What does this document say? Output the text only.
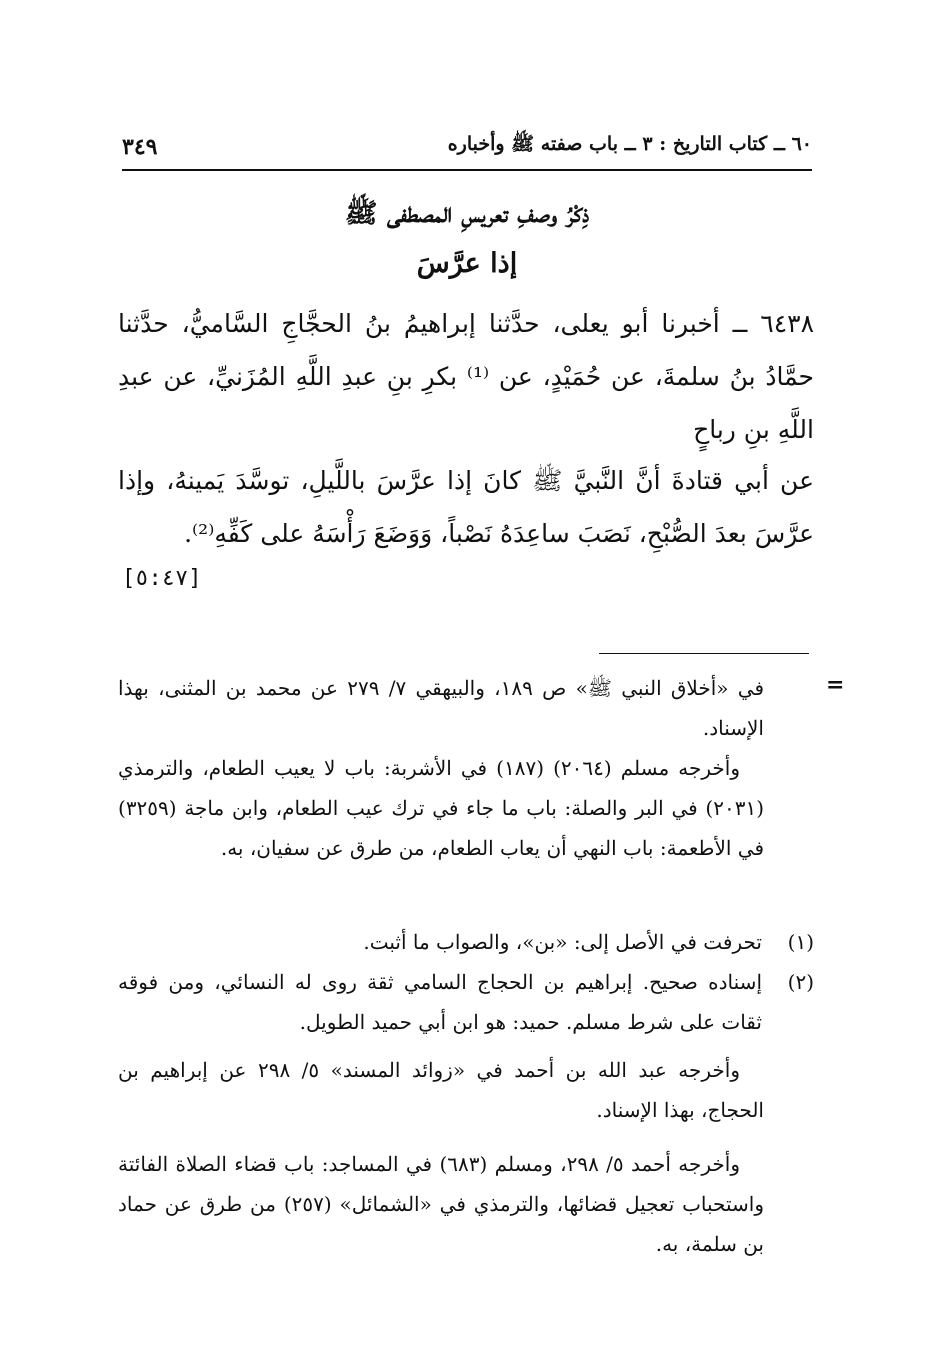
٦٠ ــ كتاب التاريخ : ٣ ــ باب صفته ﷺ وأخباره
٣٤٩
ذِكْرُ وصفِ تعريسِ المصطفى ﷺ
إذا عرَّسَ

٦٤٣٨ ــ أخبرنا أبو يعلى، حدَّثنا إبراهيمُ بنُ الحجَّاجِ السَّاميُّ، حدَّثنا حمَّادُ بنُ سلمةَ، عن حُمَيْدٍ، عن ⁽¹⁾ بكرِ بنِ عبدِ اللَّهِ المُزَنيِّ، عن عبدِ اللَّهِ بنِ رباحٍ

عن أبي قتادةَ أنَّ النَّبيَّ ﷺ كانَ إذا عرَّسَ باللَّيلِ، توسَّدَ يَمينهُ، وإذا عرَّسَ بعدَ الصُّبْحِ، نَصَبَ ساعِدَهُ نَصْباً، وَوَضَعَ رَأْسَهُ على كَفِّهِ⁽²⁾.

[٥:٤٧]
=

في «أخلاق النبي ﷺ» ص ١٨٩، والبيهقي ٧/ ٢٧٩ عن محمد بن المثنى، بهذا الإسناد.

وأخرجه مسلم (٢٠٦٤) (١٨٧) في الأشربة: باب لا يعيب الطعام، والترمذي (٢٠٣١) في البر والصلة: باب ما جاء في ترك عيب الطعام، وابن ماجة (٣٢٥٩) في الأطعمة: باب النهي أن يعاب الطعام، من طرق عن سفيان، به.

(١)
تحرفت في الأصل إلى: «بن»، والصواب ما أثبت.
(٢)
إسناده صحيح. إبراهيم بن الحجاج السامي ثقة روى له النسائي، ومن فوقه ثقات على شرط مسلم. حميد: هو ابن أبي حميد الطويل.

وأخرجه عبد الله بن أحمد في «زوائد المسند» ٥/ ٢٩٨ عن إبراهيم بن الحجاج، بهذا الإسناد.

وأخرجه أحمد ٥/ ٢٩٨، ومسلم (٦٨٣) في المساجد: باب قضاء الصلاة الفائتة واستحباب تعجيل قضائها، والترمذي في «الشمائل» (٢٥٧) من طرق عن حماد بن سلمة، به.
